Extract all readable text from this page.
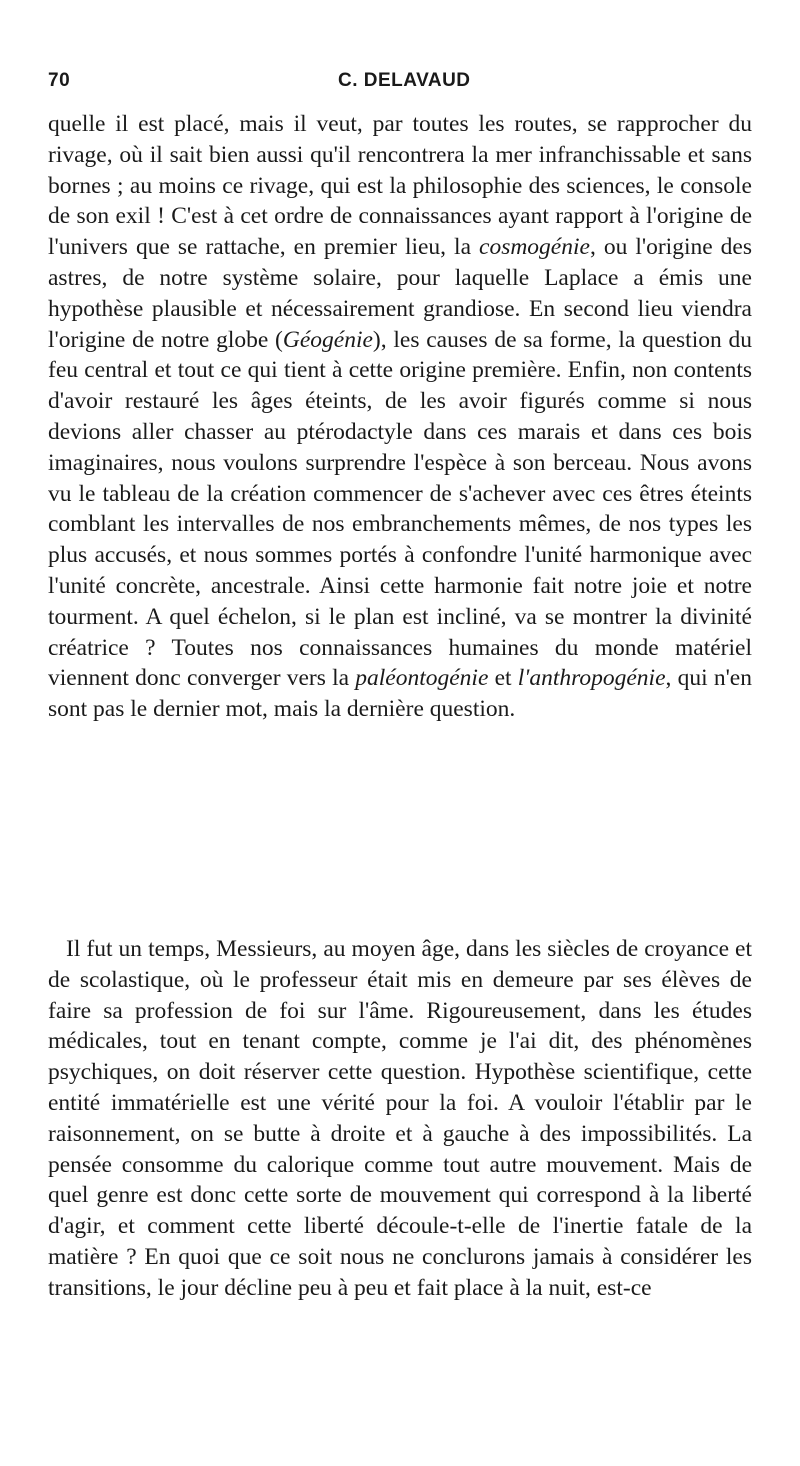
70	C. DELAVAUD

quelle il est placé, mais il veut, par toutes les routes, se rapprocher du rivage, où il sait bien aussi qu'il rencontrera la mer infranchissable et sans bornes ; au moins ce rivage, qui est la philosophie des sciences, le console de son exil ! C'est à cet ordre de connaissances ayant rapport à l'origine de l'univers que se rattache, en premier lieu, la cosmogénie, ou l'origine des astres, de notre système solaire, pour laquelle Laplace a émis une hypothèse plausible et nécessairement grandiose. En second lieu viendra l'origine de notre globe (Géogénie), les causes de sa forme, la question du feu central et tout ce qui tient à cette origine première. Enfin, non contents d'avoir restauré les âges éteints, de les avoir figurés comme si nous devions aller chasser au ptérodactyle dans ces marais et dans ces bois imaginaires, nous voulons surprendre l'espèce à son berceau. Nous avons vu le tableau de la création commencer de s'achever avec ces êtres éteints comblant les intervalles de nos embranchements mêmes, de nos types les plus accusés, et nous sommes portés à confondre l'unité harmonique avec l'unité concrète, ancestrale. Ainsi cette harmonie fait notre joie et notre tourment. A quel échelon, si le plan est incliné, va se montrer la divinité créatrice ? Toutes nos connaissances humaines du monde matériel viennent donc converger vers la paléontogénie et l'anthropogénie, qui n'en sont pas le dernier mot, mais la dernière question.

Il fut un temps, Messieurs, au moyen âge, dans les siècles de croyance et de scolastique, où le professeur était mis en demeure par ses élèves de faire sa profession de foi sur l'âme. Rigoureusement, dans les études médicales, tout en tenant compte, comme je l'ai dit, des phénomènes psychiques, on doit réserver cette question. Hypothèse scientifique, cette entité immatérielle est une vérité pour la foi. A vouloir l'établir par le raisonnement, on se butte à droite et à gauche à des impossibilités. La pensée consomme du calorique comme tout autre mouvement. Mais de quel genre est donc cette sorte de mouvement qui correspond à la liberté d'agir, et comment cette liberté découle-t-elle de l'inertie fatale de la matière ? En quoi que ce soit nous ne conclurons jamais à considérer les transitions, le jour décline peu à peu et fait place à la nuit, est-ce
